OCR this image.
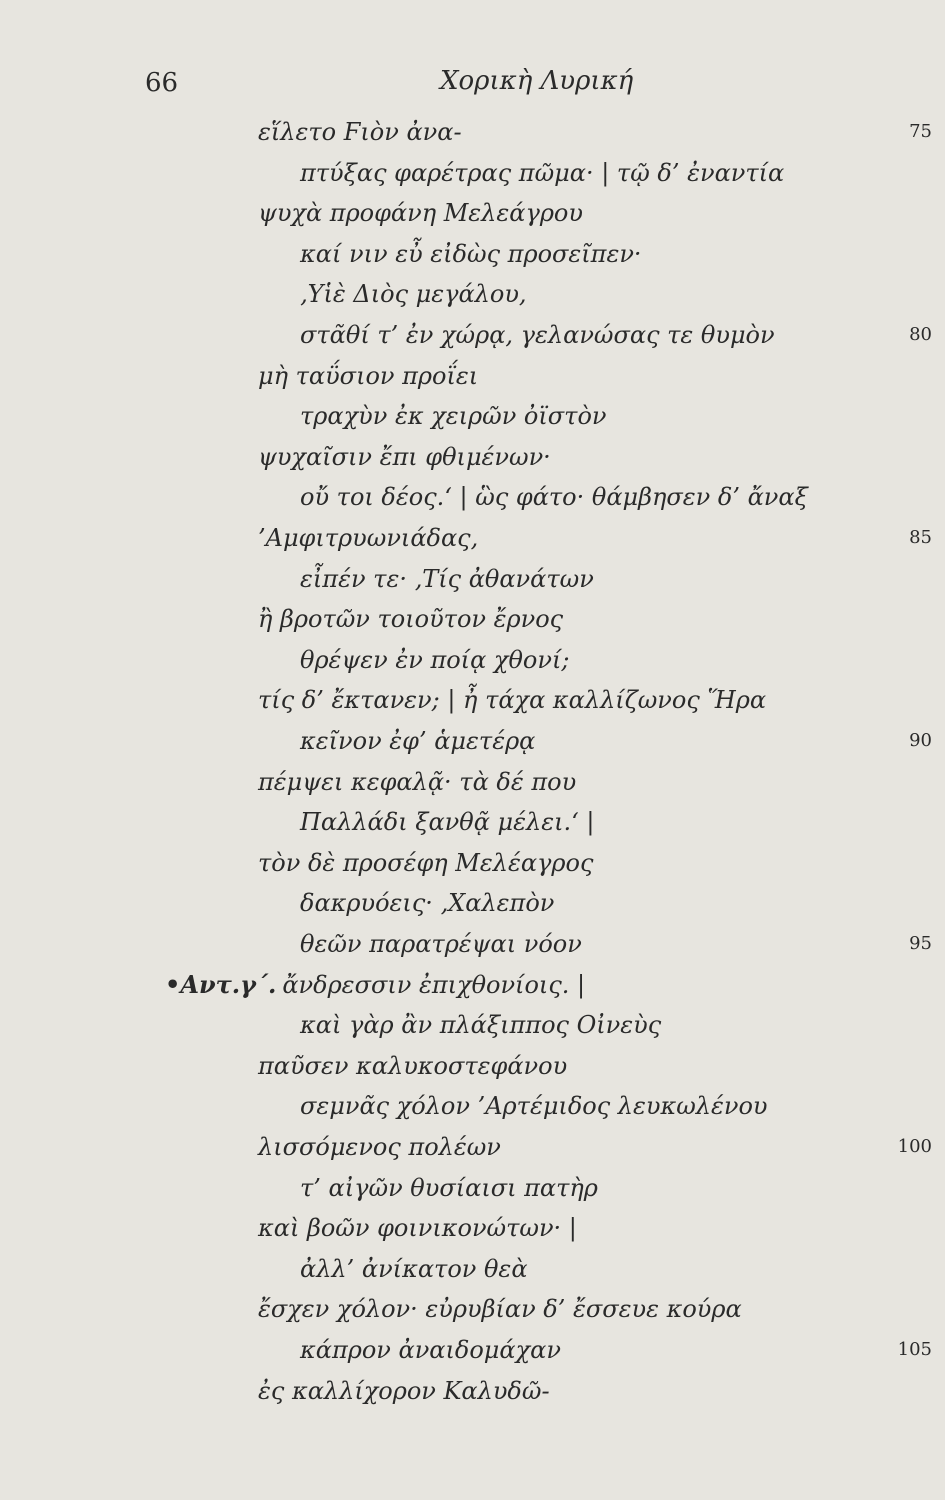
66	Χορικὴ Λυρική
εἵλετο Ϝιὸν ἀνα-
πτύξας φαρέτρας πῶμα· | τῷ δ’ ἐναντία
ψυχὰ προφάνη Μελεάγρου
καί νιν εὖ εἰδὼς προσεῖπεν·
‚Υἱὲ Διὸς μεγάλου,
στᾶθί τ’ ἐν χώρᾳ, γελανώσας τε θυμὸν
μὴ ταΰσιον προΐει
τραχὺν ἐκ χειρῶν ὀϊστὸν
ψυχαῖσιν ἔπι φθιμένων·
οὔ τοι δέος.‘ | ὣς φάτο· θάμβησεν δ’ ἄναξ
’Αμφιτρυωνιάδας,
εἶπέν τε· ‚Τίς ἀθανάτων
ἢ βροτῶν τοιοῦτον ἔρνος
θρέψεν ἐν ποίᾳ χθονί;
τίς δ’ ἔκτανεν; | ἦ τάχα καλλίζωνος Ἥρα
κεῖνον ἐφ’ ἁμετέρᾳ
πέμψει κεφαλᾷ· τὰ δέ που
Παλλάδι ξανθᾷ μέλει.‘ |
τὸν δὲ προσέφη Μελέαγρος
δακρυόεις· ‚Χαλεπὸν
θεῶν παρατρέψαι νόον
•Αντ.γ΄. ἄνδρεσσιν ἐπιχθονίοις. |
καὶ γὰρ ἂν πλάξιππος Οἰνεὺς
παῦσεν καλυκοστεφάνου
σεμνᾶς χόλον ’Αρτέμιδος λευκωλένου
λισσόμενος πολέων
τ’ αἰγῶν θυσίαισι πατὴρ
καὶ βοῶν φοινικονώτων· |
ἀλλ’ ἀνίκατον θεὰ
ἔσχεν χόλον· εὐρυβίαν δ’ ἔσσευε κούρα
κάπρον ἀναιδομάχαν
ἐς καλλίχορον Καλυδῶ-
75
80
85
90
95
100
105
